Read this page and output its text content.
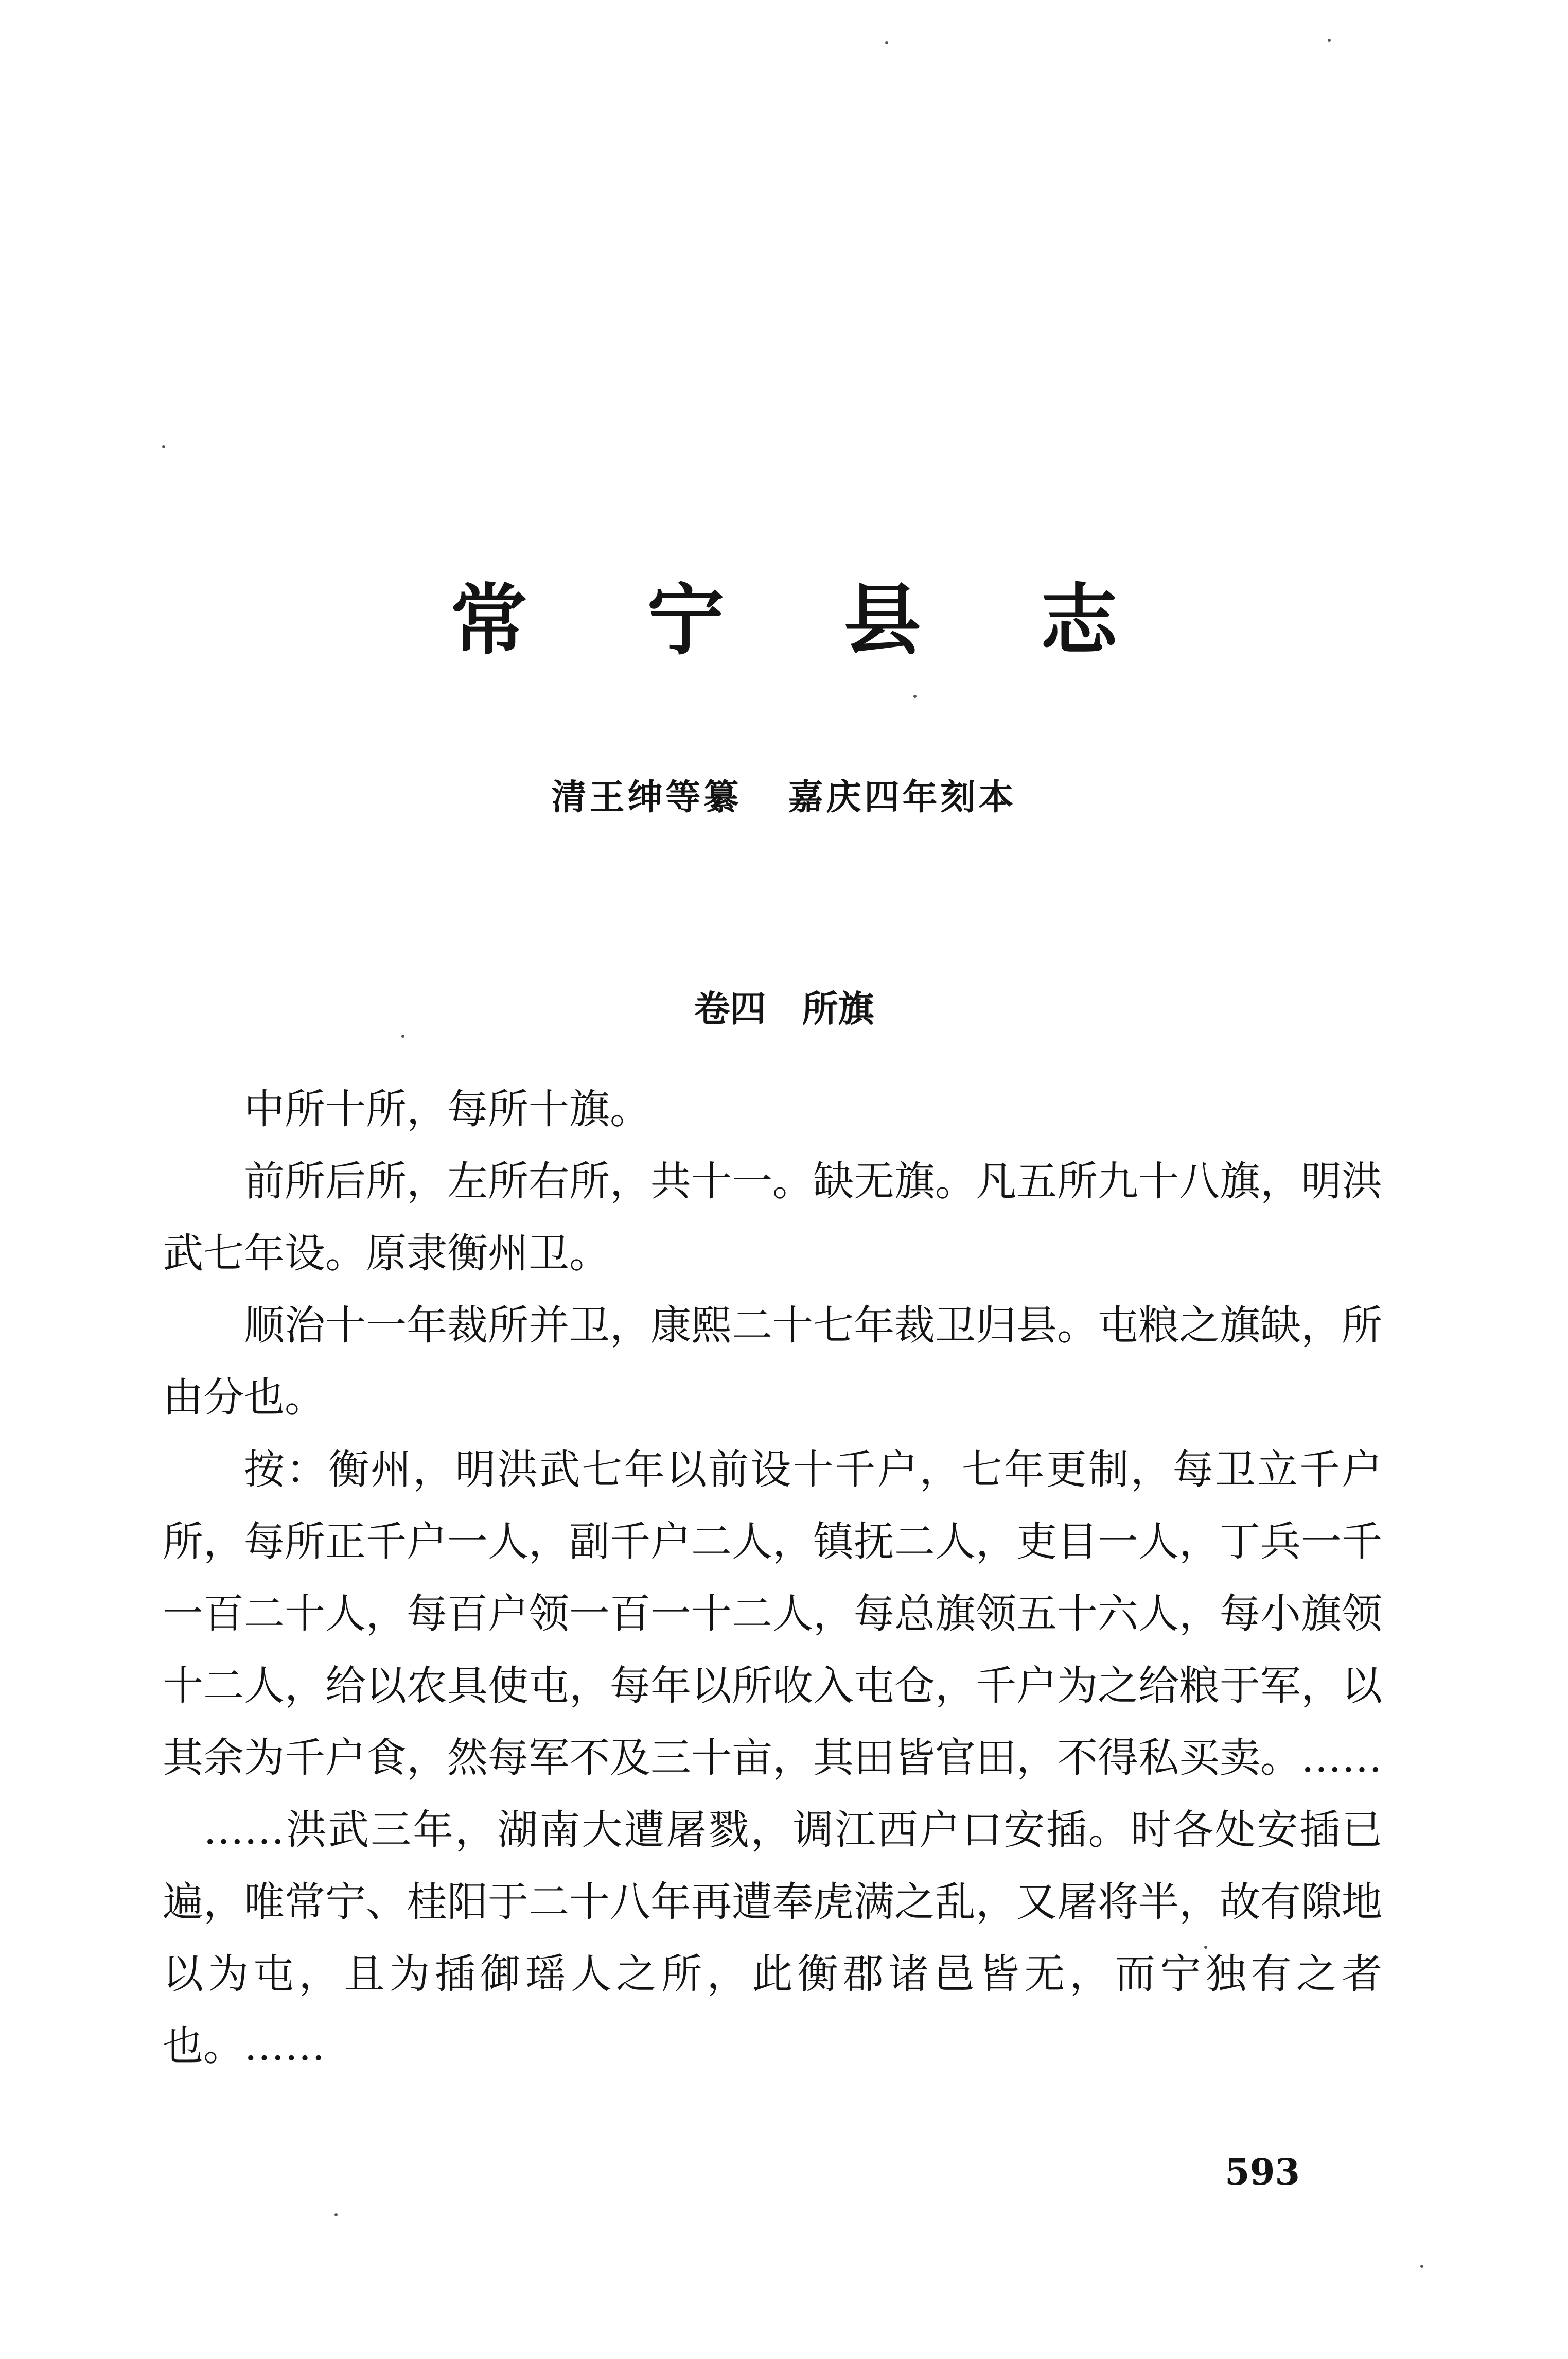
常 宁 县 志
清王绅等纂 嘉庆四年刻本
卷四 所旗

中所十所，每所十旗。

前所后所，左所右所，共十一。缺无旗。凡五所九十八旗，明洪武七年设。原隶衡州卫。

顺治十一年裁所并卫，康熙二十七年裁卫归县。屯粮之旗缺，所由分也。

按：衡州，明洪武七年以前设十千户，七年更制，每卫立千户所，每所正千户一人，副千户二人，镇抚二人，吏目一人，丁兵一千一百二十人，每百户领一百一十二人，每总旗领五十六人，每小旗领十二人，给以农具使屯，每年以所收入屯仓，千户为之给粮于军，以其余为千户食，然每军不及三十亩，其田皆官田，不得私买卖。……

……洪武三年，湖南大遭屠戮，调江西户口安插。时各处安插已遍，唯常宁、桂阳于二十八年再遭奉虎满之乱，又屠将半，故有隙地以为屯，且为插御瑶人之所，此衡郡诸邑皆无，而宁独有之者也。……

593
